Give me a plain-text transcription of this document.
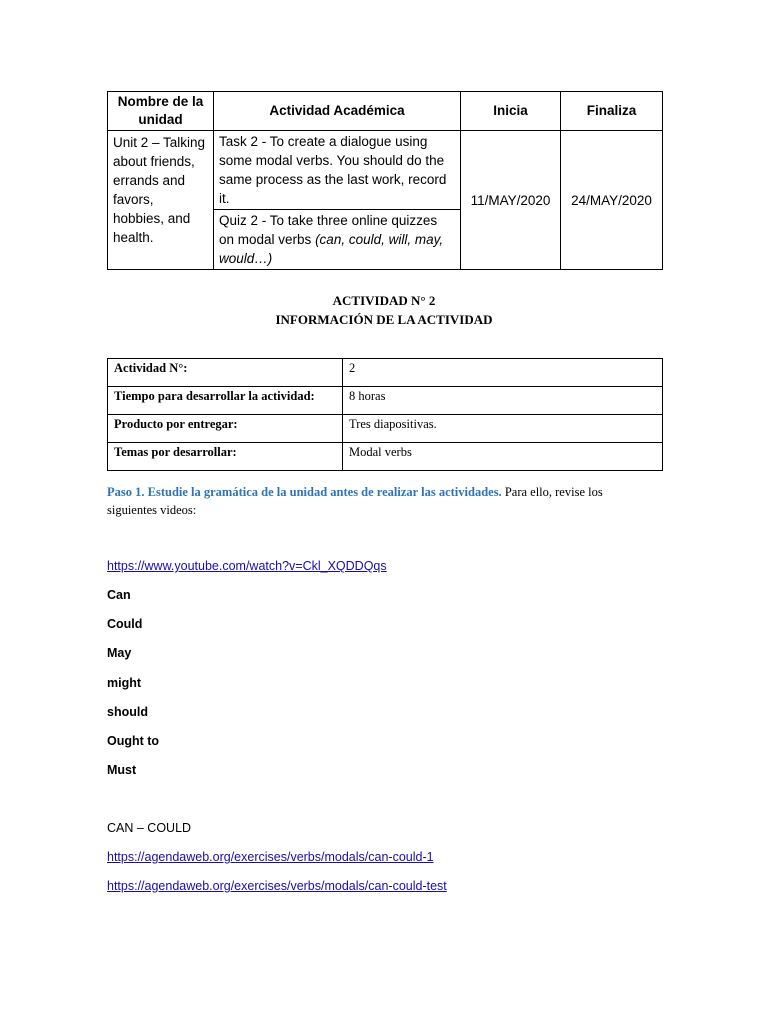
Nombre de la unidad	Actividad Académica	Inicia	Finaliza
Unit 2 – Talking about friends, errands and favors, hobbies, and health.	Task 2 - To create a dialogue using some modal verbs. You should do the same process as the last work, record it.	11/MAY/2020	24/MAY/2020
	Quiz 2 - To take three online quizzes on modal verbs (can, could, will, may, would…)		
ACTIVIDAD N° 2
INFORMACIÓN DE LA ACTIVIDAD
Actividad N°:	2
Tiempo para desarrollar la actividad:	8 horas
Producto por entregar:	Tres diapositivas.
Temas por desarrollar:	Modal verbs
Paso 1. Estudie la gramática de la unidad antes de realizar las actividades. Para ello, revise los siguientes videos:
https://www.youtube.com/watch?v=Ckl_XQDDQqs
Can
Could
May
might
should
Ought to
Must
CAN – COULD
https://agendaweb.org/exercises/verbs/modals/can-could-1
https://agendaweb.org/exercises/verbs/modals/can-could-test
